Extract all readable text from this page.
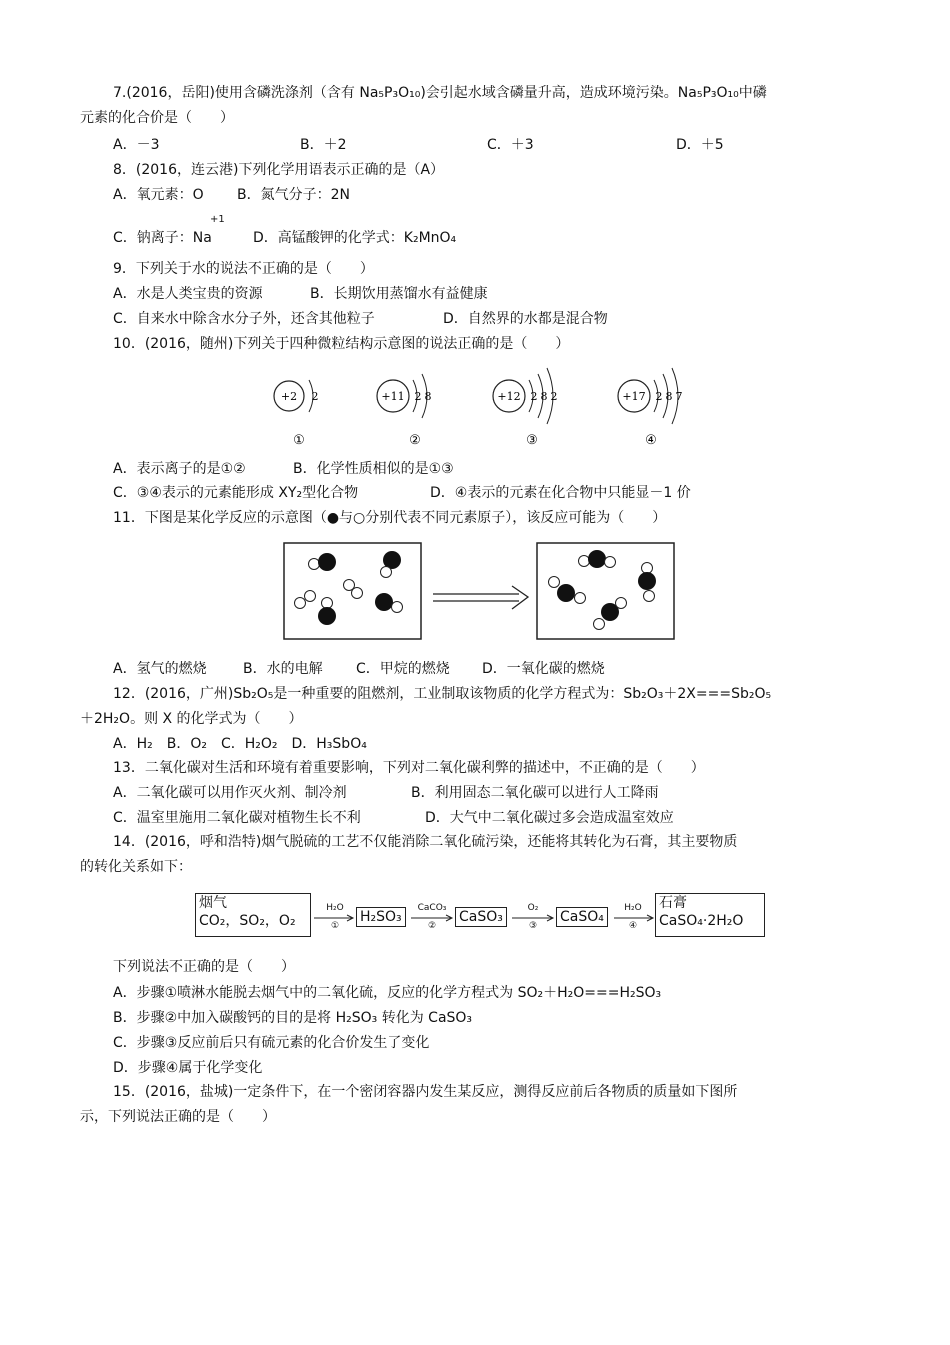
7.(2016，岳阳)使用含磷洗涤剂（含有 Na₅P₃O₁₀)会引起水域含磷量升高，造成环境污染。Na₅P₃O₁₀中磷
元素的化合价是（　　）
A．－3	B．＋2	C．＋3	D．＋5
8．(2016，连云港)下列化学用语表示正确的是（A）
A．氧元素：O B．氮气分子：2N
+1
C．钠离子：Na	D．高锰酸钾的化学式：K₂MnO₄
9．下列关于水的说法不正确的是（　　）
A．水是人类宝贵的资源	B．长期饮用蒸馏水有益健康
C．自来水中除含水分子外，还含其他粒子	D．自然界的水都是混合物
10．(2016，随州)下列关于四种微粒结构示意图的说法正确的是（　　）
+2 2
①
+11 2 8
②
+12 2 8 2
③
+17 2 8 7
④
A．表示离子的是①②	B．化学性质相似的是①③
C．③④表示的元素能形成 XY₂型化合物	D．④表示的元素在化合物中只能显－1 价
11．下图是某化学反应的示意图（●与○分别代表不同元素原子），该反应可能为（　　）
A．氢气的燃烧	B．水的电解 C．甲烷的燃烧 D．一氧化碳的燃烧
12．(2016，广州)Sb₂O₅是一种重要的阻燃剂，工业制取该物质的化学方程式为：Sb₂O₃＋2X===Sb₂O₅
＋2H₂O。则 X 的化学式为（　　）
A．H₂　B．O₂　C．H₂O₂　D．H₃SbO₄
13．二氧化碳对生活和环境有着重要影响，下列对二氧化碳利弊的描述中，不正确的是（　　）
A．二氧化碳可以用作灭火剂、制冷剂	B．利用固态二氧化碳可以进行人工降雨
C．温室里施用二氧化碳对植物生长不利	D．大气中二氧化碳过多会造成温室效应
14．(2016，呼和浩特)烟气脱硫的工艺不仅能消除二氧化硫污染，还能将其转化为石膏，其主要物质
的转化关系如下：
烟气
CO₂，SO₂，O₂
H₂O
①
H₂SO₃
CaCO₃
②
CaSO₃
O₂
③
CaSO₄
H₂O
④
石膏
CaSO₄·2H₂O
下列说法不正确的是（　　）
A．步骤①喷淋水能脱去烟气中的二氧化硫，反应的化学方程式为 SO₂＋H₂O===H₂SO₃
B．步骤②中加入碳酸钙的目的是将 H₂SO₃ 转化为 CaSO₃
C．步骤③反应前后只有硫元素的化合价发生了变化
D．步骤④属于化学变化
15．(2016，盐城)一定条件下，在一个密闭容器内发生某反应，测得反应前后各物质的质量如下图所
示，下列说法正确的是（　　）
